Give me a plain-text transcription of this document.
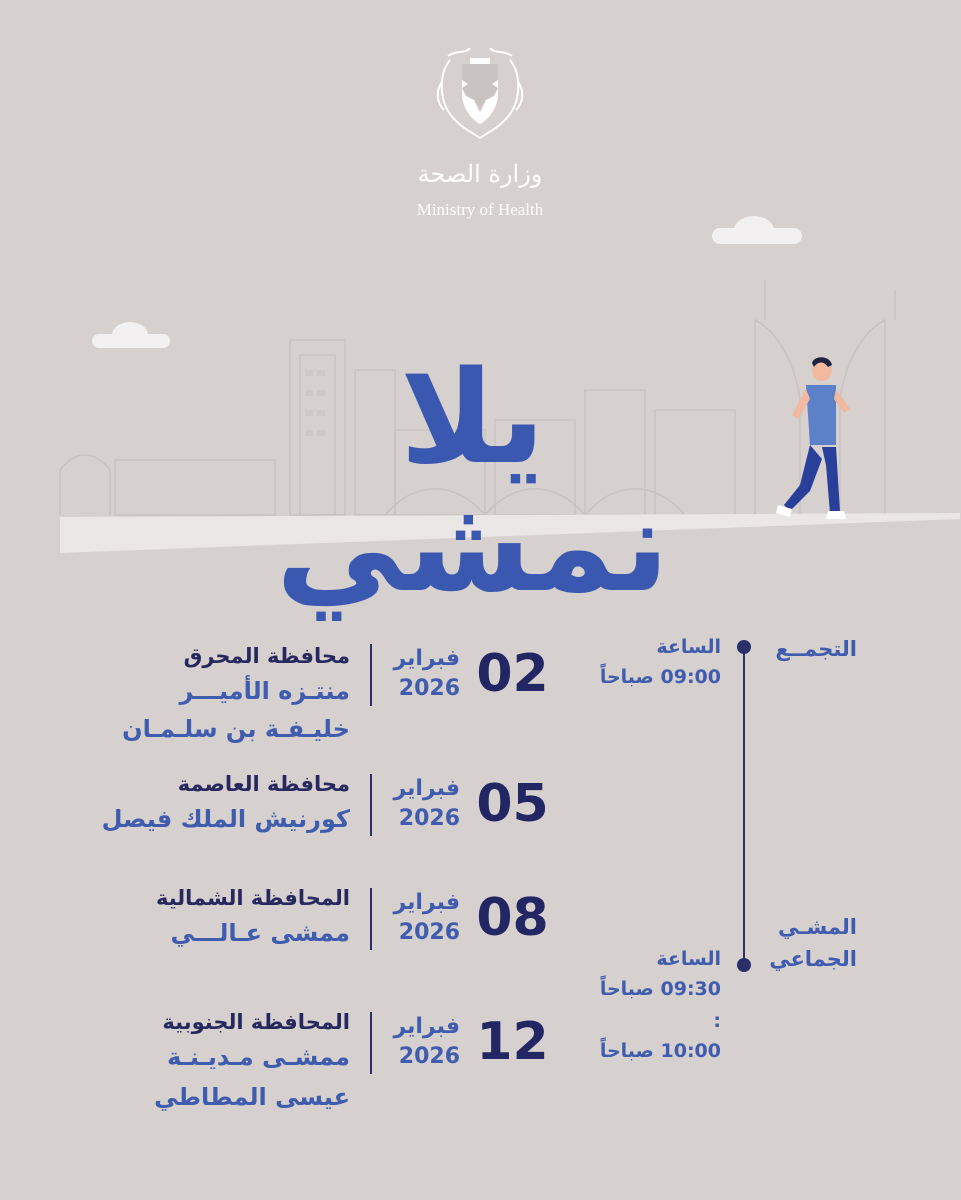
وزارة الصحة
Ministry of Health
يلا نمشي
محافظة المحرق
منتـزه الأميـــر
خليـفـة بن سلـمـان
فبراير
2026 02
محافظة العاصمة
كورنيش الملك فيصل
فبراير
2026 05
المحافظة الشمالية
ممشى عـالـــي
فبراير
2026 08
المحافظة الجنوبية
ممشـى مـديـنـة
عيسى المطاطي
فبراير
2026 12
التجمــع
الساعة
09:00 صباحاً
المشـي
الجماعي
الساعة
09:30 صباحاً
:
10:00 صباحاً
